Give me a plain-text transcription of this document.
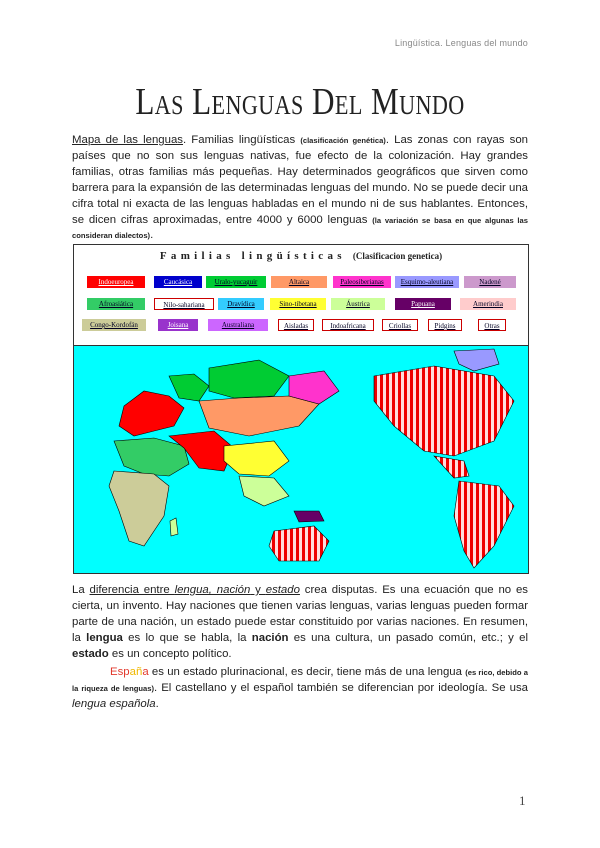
Lingüística. Lenguas del mundo
Las Lenguas Del Mundo

Mapa de las lenguas. Familias lingüísticas (clasificación genética). Las zonas con rayas son países que no son sus lenguas nativas, fue efecto de la colonización. Hay grandes familias, otras familias más pequeñas. Hay determinados geográficos que sirven como barrera para la expansión de las determinadas lenguas del mundo. No se puede decir una cifra total ni exacta de las lenguas habladas en el mundo ni de sus hablantes. Entonces, se dicen cifras aproximadas, entre 4000 y 6000 lenguas (la variación se basa en que algunas las consideran dialectos).

Familias lingüísticas (Clasificacion genetica)
Indoeuropea	Caucásica	Uralo-yucaguir	Altaica	Paleosiberianas	Esquimo-aleutiana	Nadené
Afroasiática	Nilo-sahariana	Dravídica	Sino-tibetana	Áustrica	Papuana	Amerindia
Congo-Kordofán	Joisana	Australiana	Aisladas	Indoafricana	Criollas	Pidgins	Otras

La diferencia entre lengua, nación y estado crea disputas. Es una ecuación que no es cierta, un invento. Hay naciones que tienen varias lenguas, varias lenguas pueden formar parte de una nación, un estado puede estar constituido por varias naciones. En resumen, la lengua es lo que se habla, la nación es una cultura, un pasado común, etc.; y el estado es un concepto político.

España es un estado plurinacional, es decir, tiene más de una lengua (es rico, debido a la riqueza de lenguas). El castellano y el español también se diferencian por ideología. Se usa lengua española.

1
